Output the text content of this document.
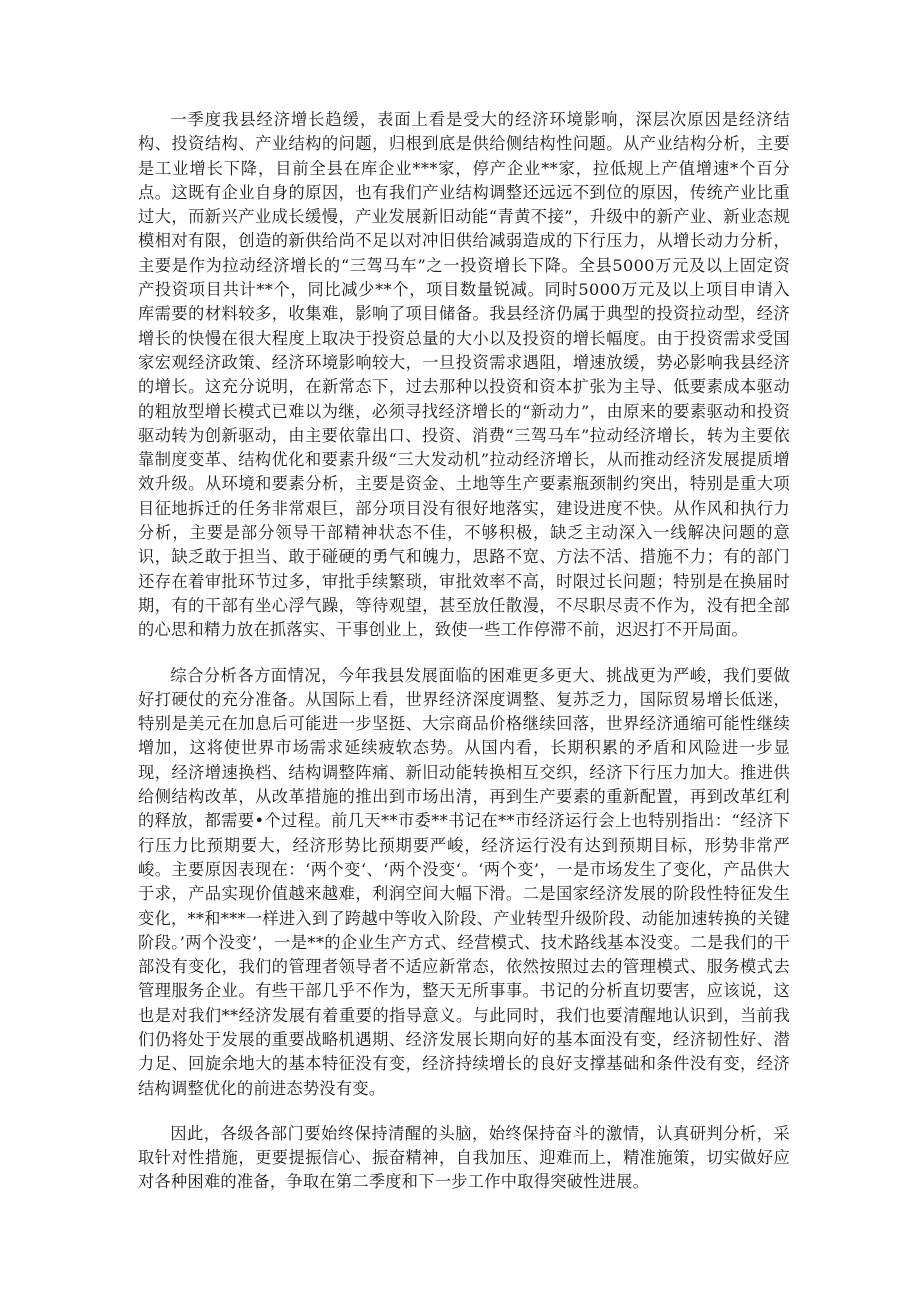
一季度我县经济增长趋缓，表面上看是受大的经济环境影响，深层次原因是经济结构、投资结构、产业结构的问题，归根到底是供给侧结构性问题。从产业结构分析，主要是工业增长下降，目前全县在库企业***家，停产企业**家，拉低规上产值增速*个百分点。这既有企业自身的原因，也有我们产业结构调整还远远不到位的原因，传统产业比重过大，而新兴产业成长缓慢，产业发展新旧动能“青黄不接”，升级中的新产业、新业态规模相对有限，创造的新供给尚不足以对冲旧供给减弱造成的下行压力，从增长动力分析，主要是作为拉动经济增长的“三驾马车”之一投资增长下降。全县5000万元及以上固定资产投资项目共计**个，同比减少**个，项目数量锐减。同时5000万元及以上项目申请入库需要的材料较多，收集难，影响了项目储备。我县经济仍属于典型的投资拉动型，经济增长的快慢在很大程度上取决于投资总量的大小以及投资的增长幅度。由于投资需求受国家宏观经济政策、经济环境影响较大，一旦投资需求遇阻，增速放缓，势必影响我县经济的增长。这充分说明，在新常态下，过去那种以投资和资本扩张为主导、低要素成本驱动的粗放型增长模式已难以为继，必须寻找经济增长的“新动力”，由原来的要素驱动和投资驱动转为创新驱动，由主要依靠出口、投资、消费“三驾马车”拉动经济增长，转为主要依靠制度变革、结构优化和要素升级“三大发动机”拉动经济增长，从而推动经济发展提质增效升级。从环境和要素分析，主要是资金、土地等生产要素瓶颈制约突出，特别是重大项目征地拆迁的任务非常艰巨，部分项目没有很好地落实，建设进度不快。从作风和执行力分析，主要是部分领导干部精神状态不佳，不够积极，缺乏主动深入一线解决问题的意识，缺乏敢于担当、敢于碰硬的勇气和魄力，思路不宽、方法不活、措施不力；有的部门还存在着审批环节过多，审批手续繁琐，审批效率不高，时限过长问题；特别是在换届时期，有的干部有坐心浮气躁，等待观望，甚至放任散漫，不尽职尽责不作为，没有把全部的心思和精力放在抓落实、干事创业上，致使一些工作停滞不前，迟迟打不开局面。

综合分析各方面情况，今年我县发展面临的困难更多更大、挑战更为严峻，我们要做好打硬仗的充分准备。从国际上看，世界经济深度调整、复苏乏力，国际贸易增长低迷，特别是美元在加息后可能进一步坚挺、大宗商品价格继续回落，世界经济通缩可能性继续增加，这将使世界市场需求延续疲软态势。从国内看，长期积累的矛盾和风险进一步显现，经济增速换档、结构调整阵痛、新旧动能转换相互交织，经济下行压力加大。推进供给侧结构改革，从改革措施的推出到市场出清，再到生产要素的重新配置，再到改革红利的释放，都需要•个过程。前几天**市委**书记在**市经济运行会上也特别指出：“经济下行压力比预期要大，经济形势比预期要严峻，经济运行没有达到预期目标，形势非常严峻。主要原因表现在：‘两个变‘、‘两个没变‘。‘两个变’，一是市场发生了变化，产品供大于求，产品实现价值越来越难，利润空间大幅下滑。二是国家经济发展的阶段性特征发生变化，**和***一样进入到了跨越中等收入阶段、产业转型升级阶段、动能加速转换的关键阶段。’两个没变’，一是**的企业生产方式、经营模式、技术路线基本没变。二是我们的干部没有变化，我们的管理者领导者不适应新常态，依然按照过去的管理模式、服务模式去管理服务企业。有些干部几乎不作为，整天无所事事。书记的分析直切要害，应该说，这也是对我们**经济发展有着重要的指导意义。与此同时，我们也要清醒地认识到，当前我们仍将处于发展的重要战略机遇期、经济发展长期向好的基本面没有变，经济韧性好、潜力足、回旋余地大的基本特征没有变，经济持续增长的良好支撑基础和条件没有变，经济结构调整优化的前进态势没有变。

因此，各级各部门要始终保持清醒的头脑，始终保持奋斗的激情，认真研判分析，采取针对性措施，更要提振信心、振奋精神，自我加压、迎难而上，精准施策，切实做好应对各种困难的准备，争取在第二季度和下一步工作中取得突破性进展。
